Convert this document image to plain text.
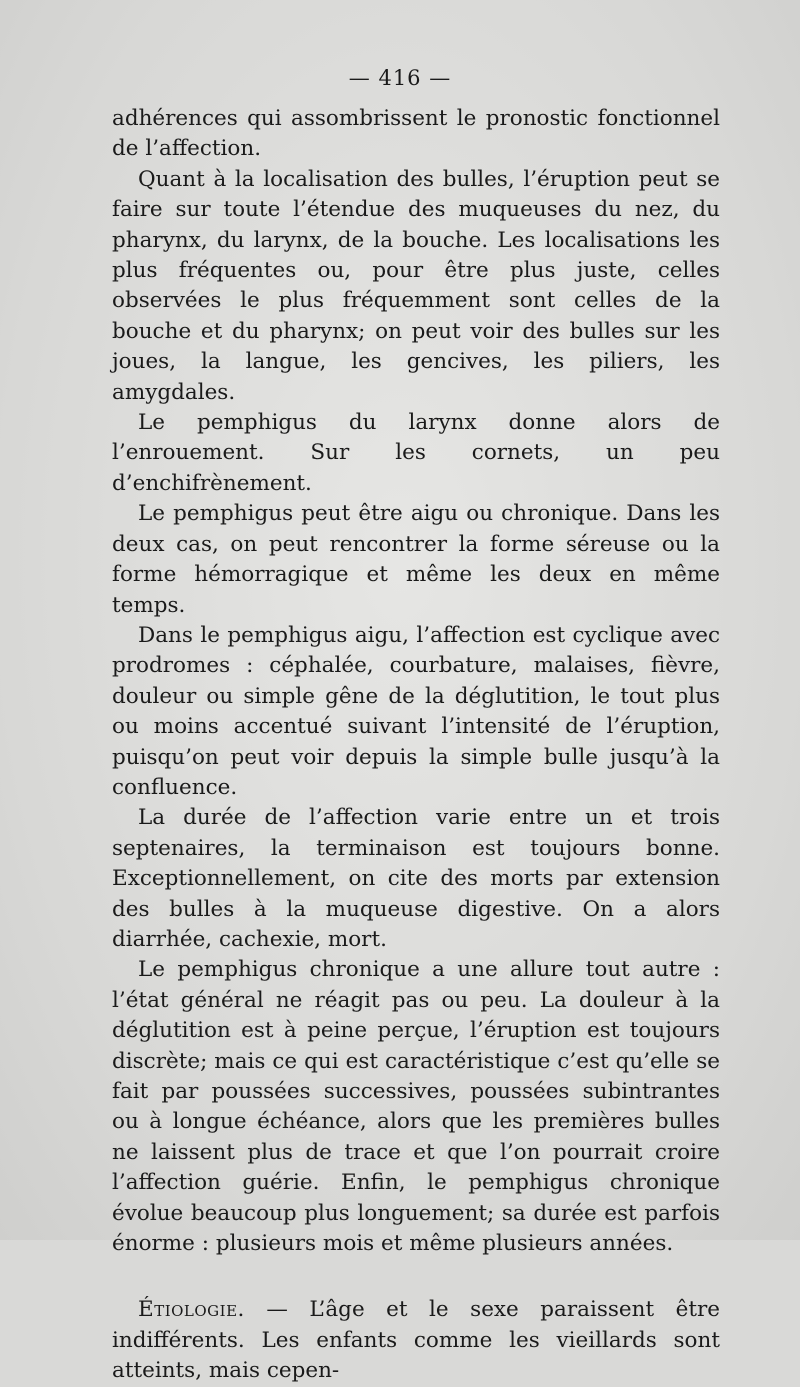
— 416 —

adhérences qui assombrissent le pronostic fonctionnel de l’affection.

Quant à la localisation des bulles, l’éruption peut se faire sur toute l’étendue des muqueuses du nez, du pharynx, du larynx, de la bouche. Les localisations les plus fréquentes ou, pour être plus juste, celles observées le plus fréquemment sont celles de la bouche et du pharynx; on peut voir des bulles sur les joues, la langue, les gencives, les piliers, les amygdales.

Le pemphigus du larynx donne alors de l’enrouement. Sur les cornets, un peu d’enchifrènement.

Le pemphigus peut être aigu ou chronique. Dans les deux cas, on peut rencontrer la forme séreuse ou la forme hémorragique et même les deux en même temps.

Dans le pemphigus aigu, l’affection est cyclique avec prodromes : céphalée, courbature, malaises, fièvre, douleur ou simple gêne de la déglutition, le tout plus ou moins accentué suivant l’intensité de l’éruption, puisqu’on peut voir depuis la simple bulle jusqu’à la confluence.

La durée de l’affection varie entre un et trois septenaires, la terminaison est toujours bonne. Exceptionnellement, on cite des morts par extension des bulles à la muqueuse digestive. On a alors diarrhée, cachexie, mort.

Le pemphigus chronique a une allure tout autre : l’état général ne réagit pas ou peu. La douleur à la déglutition est à peine perçue, l’éruption est toujours discrète; mais ce qui est caractéristique c’est qu’elle se fait par poussées successives, poussées subintrantes ou à longue échéance, alors que les premières bulles ne laissent plus de trace et que l’on pourrait croire l’affection guérie. Enfin, le pemphigus chronique évolue beaucoup plus longuement; sa durée est parfois énorme : plusieurs mois et même plusieurs années.

Étiologie. — L’âge et le sexe paraissent être indifférents. Les enfants comme les vieillards sont atteints, mais cepen-
